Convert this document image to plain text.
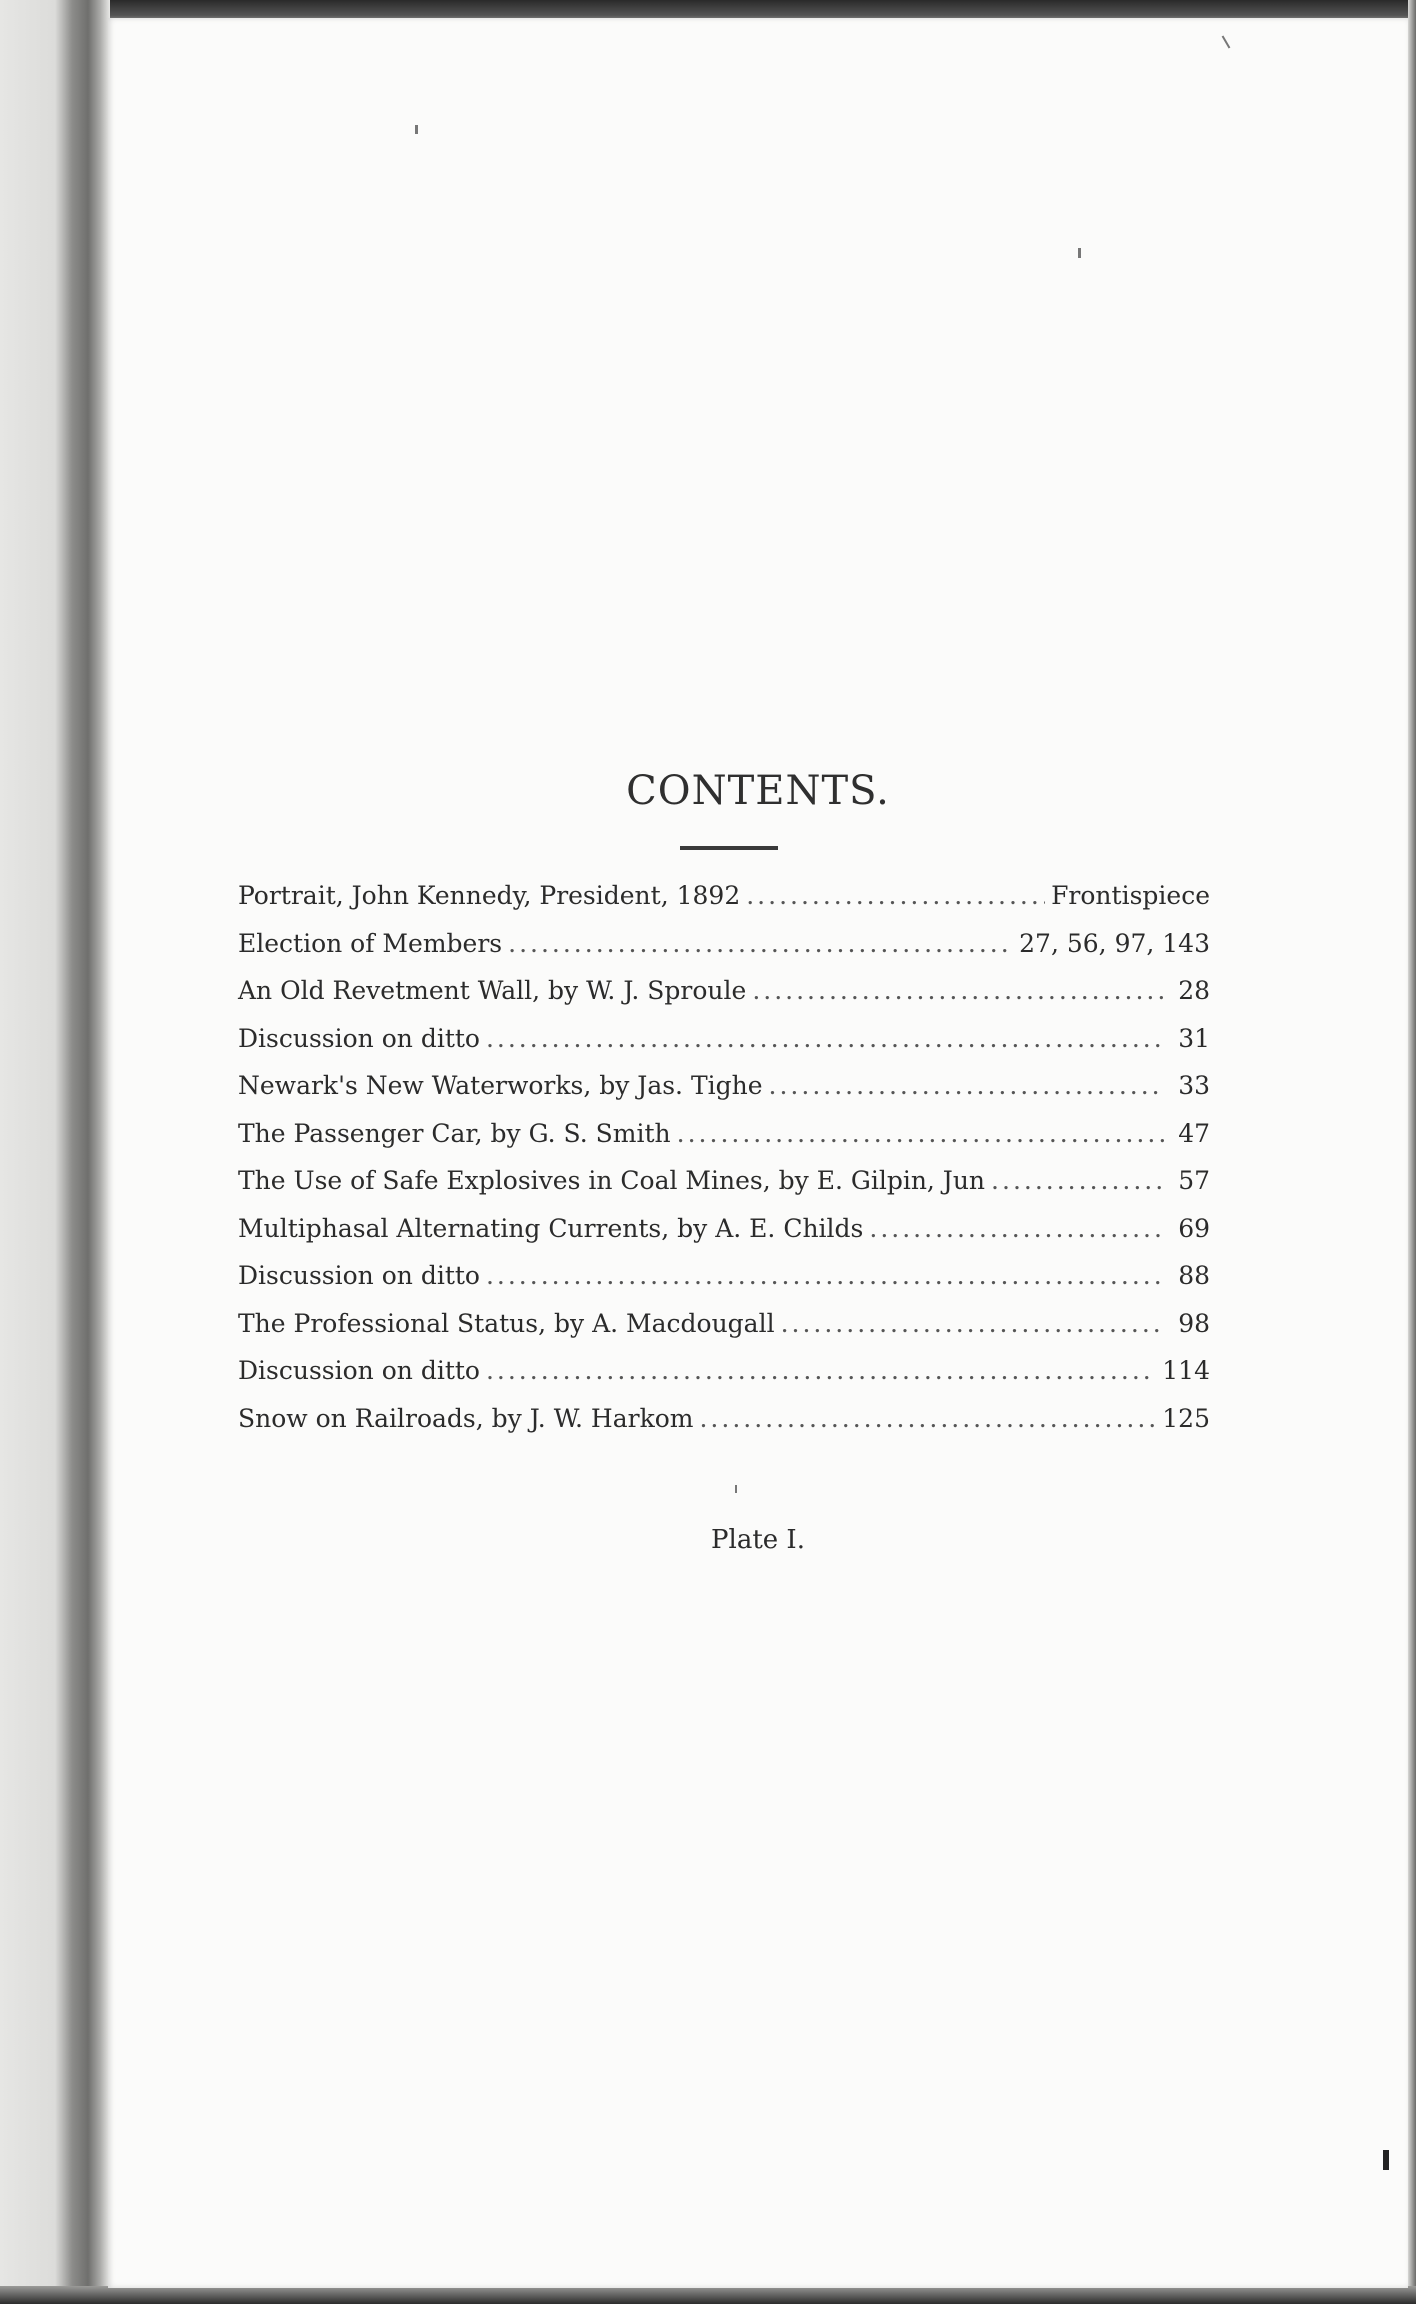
CONTENTS.
Portrait, John Kennedy, President, 1892 .....	Frontispiece
Election of Members .....	27, 56, 97, 143
An Old Revetment Wall, by W. J. Sproule .....	28
Discussion on ditto .....	31
Newark's New Waterworks, by Jas. Tighe .....	33
The Passenger Car, by G. S. Smith .....	47
The Use of Safe Explosives in Coal Mines, by E. Gilpin, Jun .....	57
Multiphasal Alternating Currents, by A. E. Childs .....	69
Discussion on ditto .....	88
The Professional Status, by A. Macdougall .....	98
Discussion on ditto .....	114
Snow on Railroads, by J. W. Harkom .....	125
Plate I.
